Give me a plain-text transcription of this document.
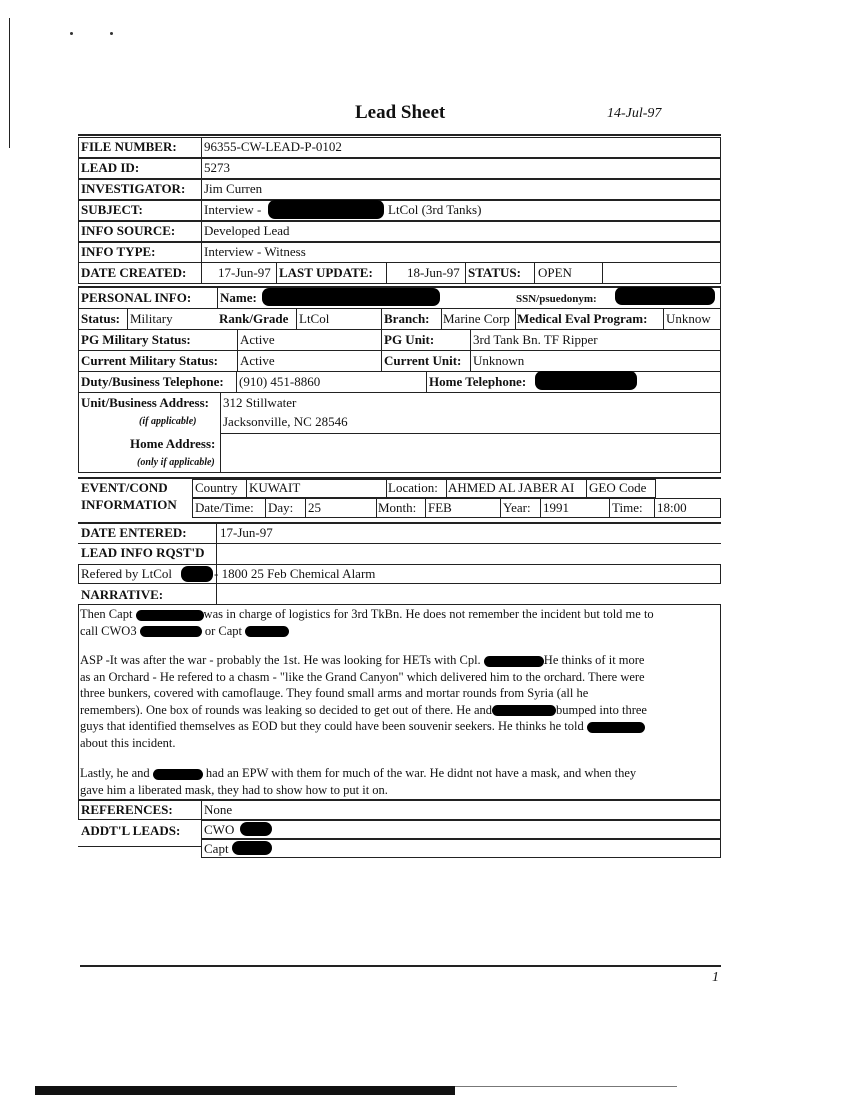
Lead Sheet	14-Jul-97
FILE NUMBER: 96355-CW-LEAD-P-0102
LEAD ID:	5273
INVESTIGATOR: Jim Curren
SUBJECT:	Interview -	LtCol (3rd Tanks)
INFO SOURCE: Developed Lead
INFO TYPE:	Interview - Witness
DATE CREATED: 17-Jun-97 LAST UPDATE:	18-Jun-97 STATUS: OPEN
PERSONAL INFO: Name:	SSN/psuedonym:
Status: Military	Rank/Grade LtCol	Branch: Marine Corp Medical Eval Program: Unknow
PG Military Status:	Active	PG Unit:	3rd Tank Bn. TF Ripper
Current Military Status: Active	Current Unit: Unknown
Duty/Business Telephone: (910) 451-8860	Home Telephone:
Unit/Business Address: 312 Stillwater
(if applicable) Jacksonville, NC 28546
Home Address:
(only if applicable)
EVENT/COND
INFORMATION
Country KUWAIT	Location: AHMED AL JABER AI GEO Code
Date/Time: Day: 25	Month: FEB	Year: 1991	Time: 18:00
DATE ENTERED:	17-Jun-97
LEAD INFO RQST'D
Refered by LtCol	- 1800 25 Feb Chemical Alarm
NARRATIVE:
Then Capt	was in charge of logistics for 3rd TkBn. He does not remember the incident but told me to
call CWO3	or Capt
ASP -It was after the war - probably the 1st. He was looking for HETs with Cpl.	He thinks of it more
as an Orchard - He refered to a chasm - "like the Grand Canyon" which delivered him to the orchard. There were
three bunkers, covered with camoflauge. They found small arms and mortar rounds from Syria (all he
remembers). One box of rounds was leaking so decided to get out of there. He and	bumped into three
guys that identified themselves as EOD but they could have been souvenir seekers. He thinks he told
about this incident.
Lastly, he and	had an EPW with them for much of the war. He didnt not have a mask, and when they
gave him a liberated mask, they had to show how to put it on.
REFERENCES: None
ADDT'L LEADS: CWO
Capt
1
